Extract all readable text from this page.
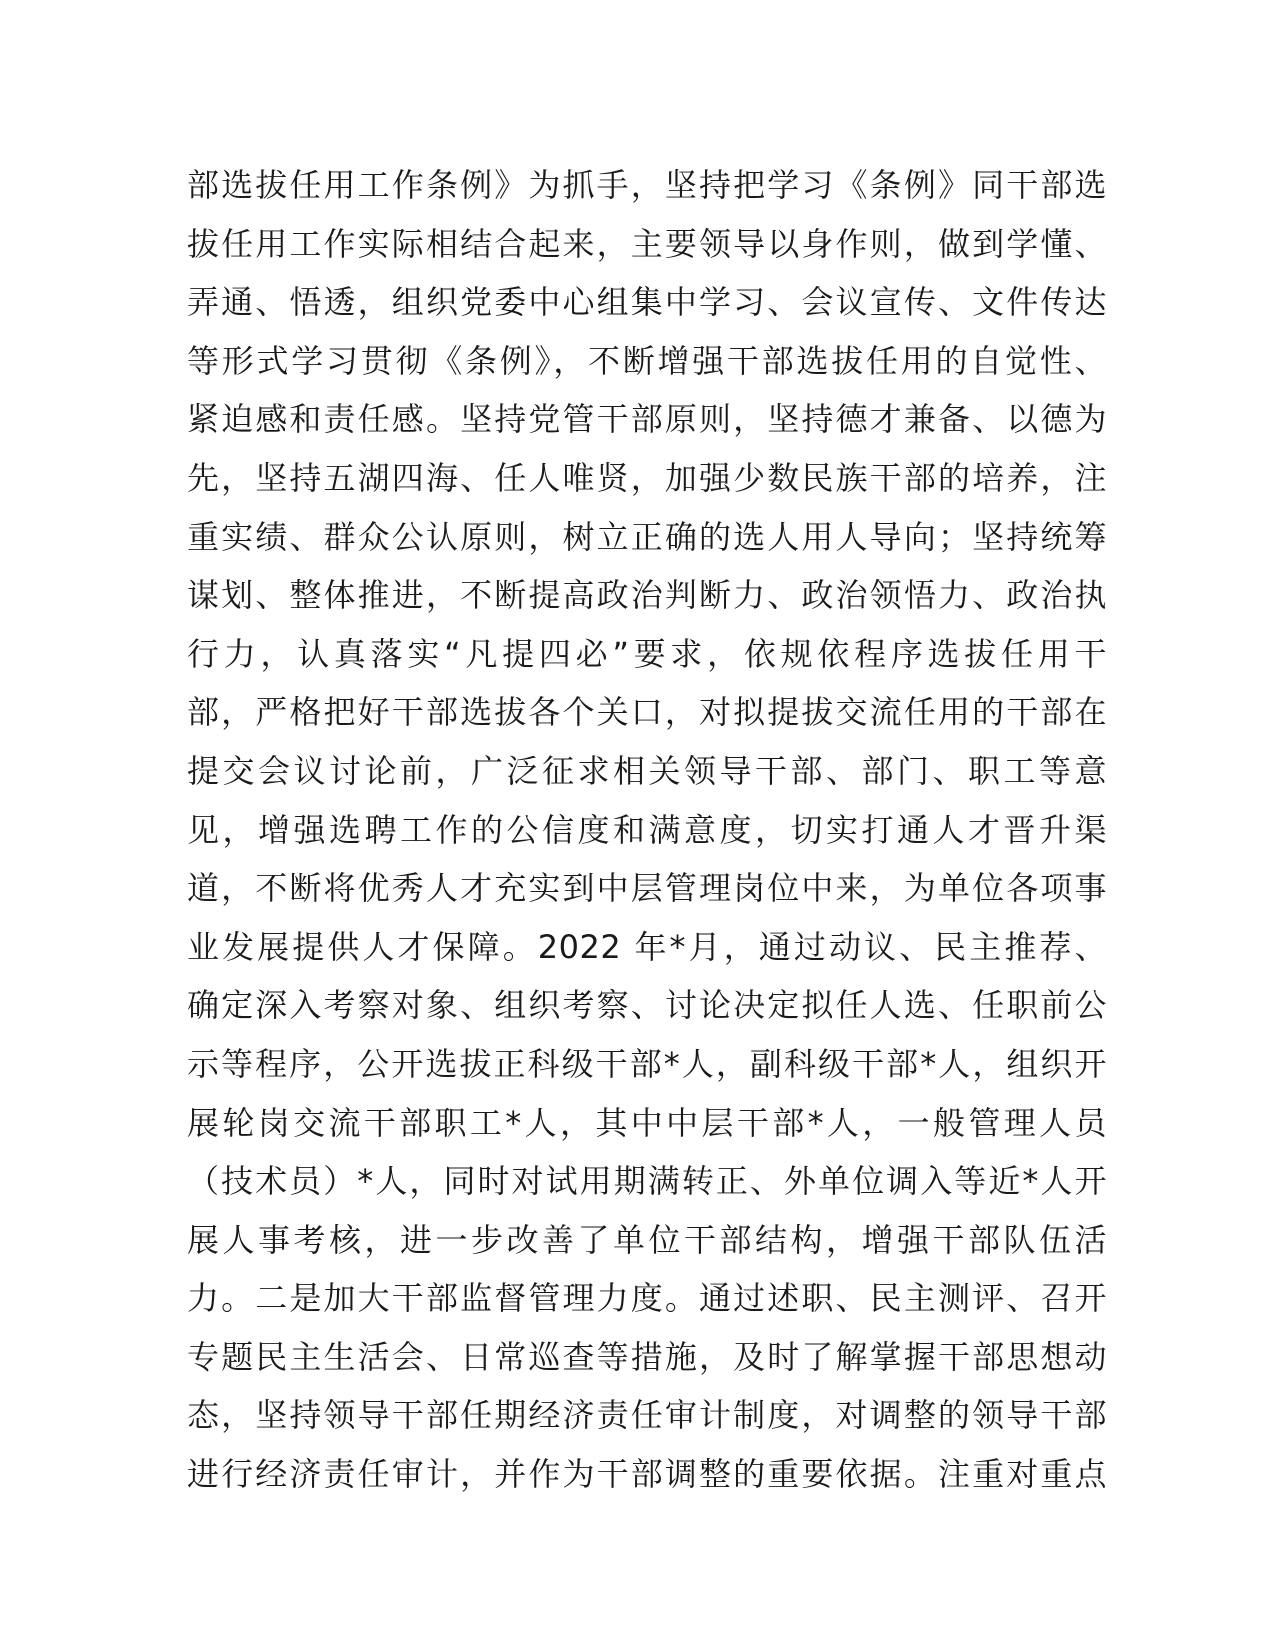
部选拔任用工作条例》为抓手，坚持把学习《条例》同干部选
拔任用工作实际相结合起来，主要领导以身作则，做到学懂、
弄通、悟透，组织党委中心组集中学习、会议宣传、文件传达
等形式学习贯彻《条例》，不断增强干部选拔任用的自觉性、
紧迫感和责任感。坚持党管干部原则，坚持德才兼备、以德为
先，坚持五湖四海、任人唯贤，加强少数民族干部的培养，注
重实绩、群众公认原则，树立正确的选人用人导向；坚持统筹
谋划、整体推进，不断提高政治判断力、政治领悟力、政治执
行力，认真落实“凡提四必”要求，依规依程序选拔任用干
部，严格把好干部选拔各个关口，对拟提拔交流任用的干部在
提交会议讨论前，广泛征求相关领导干部、部门、职工等意
见，增强选聘工作的公信度和满意度，切实打通人才晋升渠
道，不断将优秀人才充实到中层管理岗位中来，为单位各项事
业发展提供人才保障。2022 年*月，通过动议、民主推荐、
确定深入考察对象、组织考察、讨论决定拟任人选、任职前公
示等程序，公开选拔正科级干部*人，副科级干部*人，组织开
展轮岗交流干部职工*人，其中中层干部*人，一般管理人员
（技术员）*人，同时对试用期满转正、外单位调入等近*人开
展人事考核，进一步改善了单位干部结构，增强干部队伍活
力。二是加大干部监督管理力度。通过述职、民主测评、召开
专题民主生活会、日常巡查等措施，及时了解掌握干部思想动
态，坚持领导干部任期经济责任审计制度，对调整的领导干部
进行经济责任审计，并作为干部调整的重要依据。注重对重点
